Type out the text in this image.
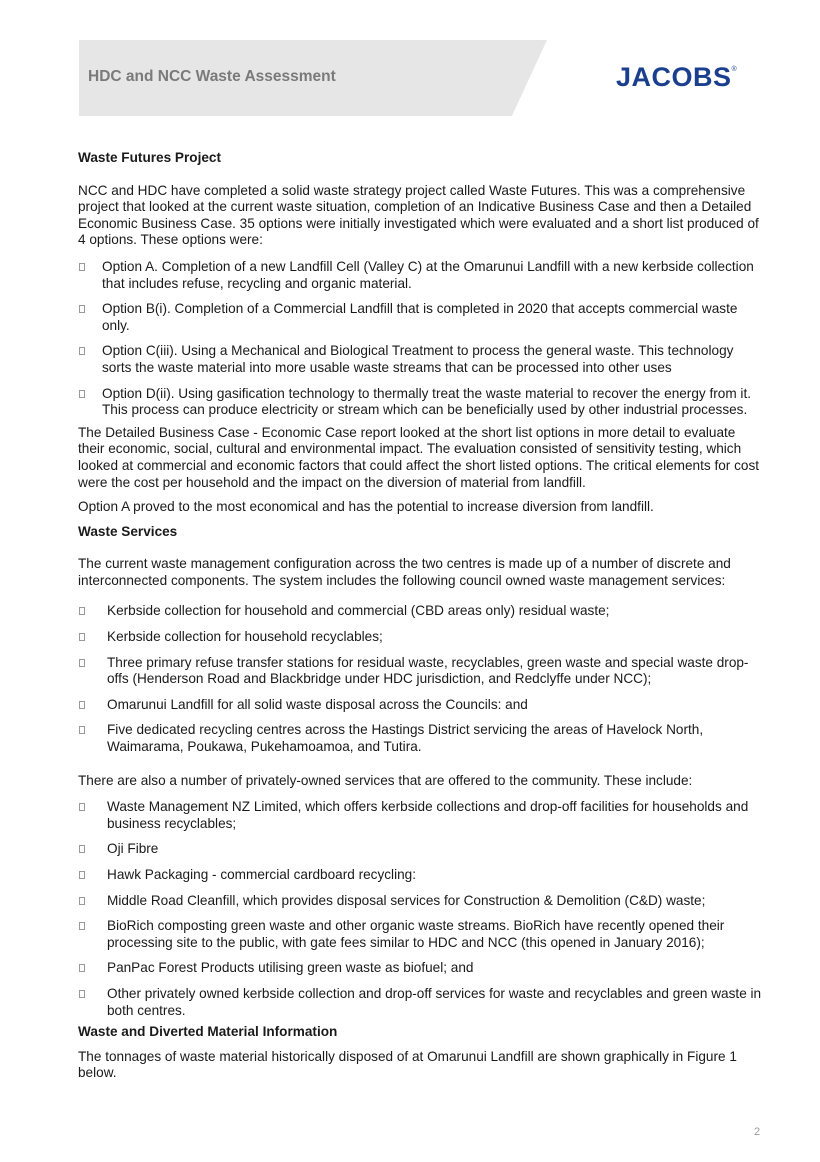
HDC and NCC Waste Assessment	JACOBS®
Waste Futures Project

NCC and HDC have completed a solid waste strategy project called Waste Futures. This was a comprehensive project that looked at the current waste situation, completion of an Indicative Business Case and then a Detailed Economic Business Case. 35 options were initially investigated which were evaluated and a short list produced of 4 options. These options were:

Option A. Completion of a new Landfill Cell (Valley C) at the Omarunui Landfill with a new kerbside collection that includes refuse, recycling and organic material.
Option B(i). Completion of a Commercial Landfill that is completed in 2020 that accepts commercial waste only.
Option C(iii). Using a Mechanical and Biological Treatment to process the general waste. This technology sorts the waste material into more usable waste streams that can be processed into other uses
Option D(ii). Using gasification technology to thermally treat the waste material to recover the energy from it. This process can produce electricity or stream which can be beneficially used by other industrial processes.

The Detailed Business Case - Economic Case report looked at the short list options in more detail to evaluate their economic, social, cultural and environmental impact. The evaluation consisted of sensitivity testing, which looked at commercial and economic factors that could affect the short listed options. The critical elements for cost were the cost per household and the impact on the diversion of material from landfill.

Option A proved to the most economical and has the potential to increase diversion from landfill.

Waste Services

The current waste management configuration across the two centres is made up of a number of discrete and interconnected components. The system includes the following council owned waste management services:

Kerbside collection for household and commercial (CBD areas only) residual waste;
Kerbside collection for household recyclables;
Three primary refuse transfer stations for residual waste, recyclables, green waste and special waste drop-offs (Henderson Road and Blackbridge under HDC jurisdiction, and Redclyffe under NCC);
Omarunui Landfill for all solid waste disposal across the Councils: and
Five dedicated recycling centres across the Hastings District servicing the areas of Havelock North, Waimarama, Poukawa, Pukehamoamoa, and Tutira.

There are also a number of privately-owned services that are offered to the community. These include:

Waste Management NZ Limited, which offers kerbside collections and drop-off facilities for households and business recyclables;
Oji Fibre
Hawk Packaging - commercial cardboard recycling:
Middle Road Cleanfill, which provides disposal services for Construction & Demolition (C&D) waste;
BioRich composting green waste and other organic waste streams. BioRich have recently opened their processing site to the public, with gate fees similar to HDC and NCC (this opened in January 2016);
PanPac Forest Products utilising green waste as biofuel; and
Other privately owned kerbside collection and drop-off services for waste and recyclables and green waste in both centres.
Waste and Diverted Material Information

The tonnages of waste material historically disposed of at Omarunui Landfill are shown graphically in Figure 1 below.

2
